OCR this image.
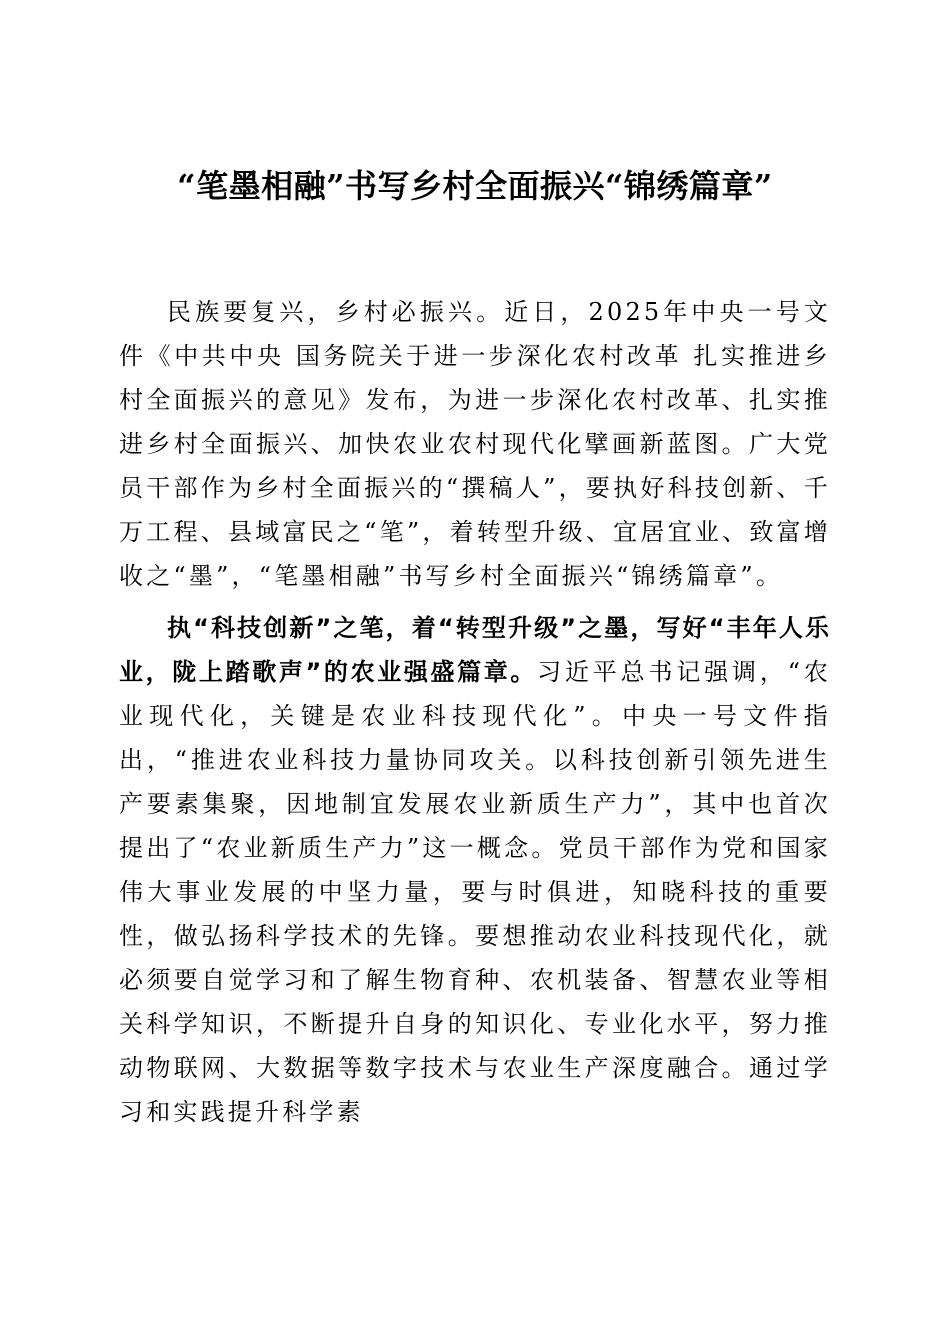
“笔墨相融”书写乡村全面振兴“锦绣篇章”

民族要复兴，乡村必振兴。近日，2025年中央一号文件《中共中央 国务院关于进一步深化农村改革 扎实推进乡村全面振兴的意见》发布，为进一步深化农村改革、扎实推进乡村全面振兴、加快农业农村现代化擘画新蓝图。广大党员干部作为乡村全面振兴的“撰稿人”，要执好科技创新、千万工程、县域富民之“笔”，着转型升级、宜居宜业、致富增收之“墨”，“笔墨相融”书写乡村全面振兴“锦绣篇章”。

执“科技创新”之笔，着“转型升级”之墨，写好“丰年人乐业，陇上踏歌声”的农业强盛篇章。习近平总书记强调，“农业现代化，关键是农业科技现代化”。中央一号文件指出，“推进农业科技力量协同攻关。以科技创新引领先进生产要素集聚，因地制宜发展农业新质生产力”，其中也首次提出了“农业新质生产力”这一概念。党员干部作为党和国家伟大事业发展的中坚力量，要与时俱进，知晓科技的重要性，做弘扬科学技术的先锋。要想推动农业科技现代化，就必须要自觉学习和了解生物育种、农机装备、智慧农业等相关科学知识，不断提升自身的知识化、专业化水平，努力推动物联网、大数据等数字技术与农业生产深度融合。通过学习和实践提升科学素
